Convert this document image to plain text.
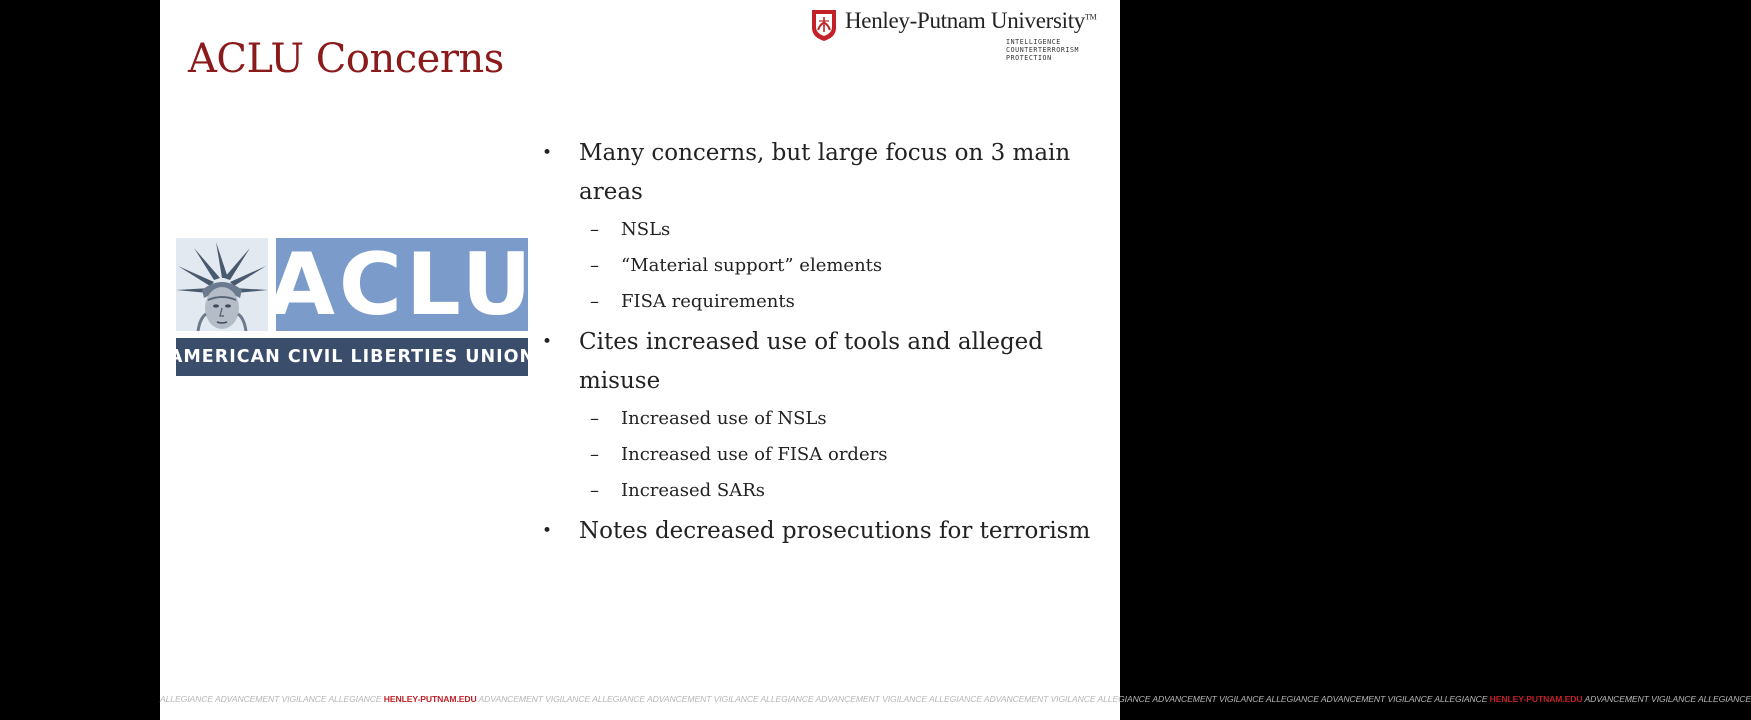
ACLU Concerns
Henley-Putnam University™
INTELLIGENCE
COUNTERTERRORISM
PROTECTION
ACLU
AMERICAN CIVIL LIBERTIES UNION
• Many concerns, but large focus on 3 main
areas
– NSLs
– “Material support” elements
– FISA requirements
• Cites increased use of tools and alleged
misuse
– Increased use of NSLs
– Increased use of FISA orders
– Increased SARs
• Notes decreased prosecutions for terrorism
ALLEGIANCE ADVANCEMENT VIGILANCE ALLEGIANCE HENLEY-PUTNAM.EDU ADVANCEMENT VIGILANCE ALLEGIANCE ADVANCEMENT VIGILANCE ALLEGIANCE ADVANCEMENT VIGILANCE ALLEGIANCE ADVANCEMENT VIGILANCE ALLEGIANCE ADVANCEMENT VIGILANCE ALLEGIANCE ADVANCEMENT VIGILANCE ALLEGIANCE HENLEY-PUTNAM.EDU ADVANCEMENT VIGILANCE ALLEGIANCE
